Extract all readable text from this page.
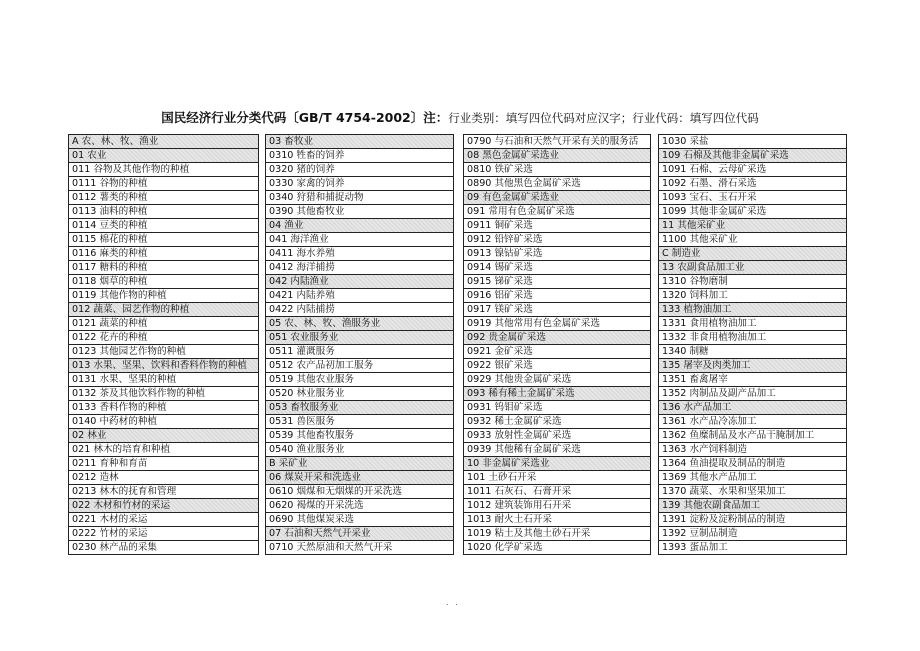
国民经济行业分类代码〔GB/T 4754-2002〕注：行业类别：填写四位代码对应汉字；行业代码：填写四位代码
A 农、林、牧、渔业
01 农业
011 谷物及其他作物的种植
0111 谷物的种植
0112 薯类的种植
0113 油料的种植
0114 豆类的种植
0115 棉花的种植
0116 麻类的种植
0117 糖料的种植
0118 烟草的种植
0119 其他作物的种植
012 蔬菜、园艺作物的种植
0121 蔬菜的种植
0122 花卉的种植
0123 其他园艺作物的种植
013 水果、坚果、饮料和香料作物的种植
0131 水果、坚果的种植
0132 茶及其他饮料作物的种植
0133 香料作物的种植
0140 中药材的种植
02 林业
021 林木的培育和种植
0211 育种和育苗
0212 造林
0213 林木的抚育和管理
022 木材和竹材的采运
0221 木材的采运
0222 竹材的采运
0230 林产品的采集
03 畜牧业
0310 牲畜的饲养
0320 猪的饲养
0330 家禽的饲养
0340 狩猎和捕捉动物
0390 其他畜牧业
04 渔业
041 海洋渔业
0411 海水养殖
0412 海洋捕捞
042 内陆渔业
0421 内陆养殖
0422 内陆捕捞
05 农、林、牧、渔服务业
051 农业服务业
0511 灌溉服务
0512 农产品初加工服务
0519 其他农业服务
0520 林业服务业
053 畜牧服务业
0531 兽医服务
0539 其他畜牧服务
0540 渔业服务业
B 采矿业
06 煤炭开采和洗选业
0610 烟煤和无烟煤的开采洗选
0620 褐煤的开采洗选
0690 其他煤炭采选
07 石油和天然气开采业
0710 天然原油和天然气开采
0790 与石油和天然气开采有关的服务活
08 黑色金属矿采选业
0810 铁矿采选
0890 其他黑色金属矿采选
09 有色金属矿采选业
091 常用有色金属矿采选
0911 铜矿采选
0912 铅锌矿采选
0913 镍钴矿采选
0914 锡矿采选
0915 锑矿采选
0916 铝矿采选
0917 镁矿采选
0919 其他常用有色金属矿采选
092 贵金属矿采选
0921 金矿采选
0922 银矿采选
0929 其他贵金属矿采选
093 稀有稀土金属矿采选
0931 钨钼矿采选
0932 稀土金属矿采选
0933 放射性金属矿采选
0939 其他稀有金属矿采选
10 非金属矿采选业
101 土砂石开采
1011 石灰石、石膏开采
1012 建筑装饰用石开采
1013 耐火土石开采
1019 粘土及其他土砂石开采
1020 化学矿采选
1030 采盐
109 石棉及其他非金属矿采选
1091 石棉、云母矿采选
1092 石墨、滑石采选
1093 宝石、玉石开采
1099 其他非金属矿采选
11 其他采矿业
1100 其他采矿业
C 制造业
13 农副食品加工业
1310 谷物磨制
1320 饲料加工
133 植物油加工
1331 食用植物油加工
1332 非食用植物油加工
1340 制糖
135 屠宰及肉类加工
1351 畜禽屠宰
1352 肉制品及副产品加工
136 水产品加工
1361 水产品冷冻加工
1362 鱼糜制品及水产品干腌制加工
1363 水产饲料制造
1364 鱼油提取及制品的制造
1369 其他水产品加工
1370 蔬菜、水果和坚果加工
139 其他农副食品加工
1391 淀粉及淀粉制品的制造
1392 豆制品制造
1393 蛋品加工
. .
